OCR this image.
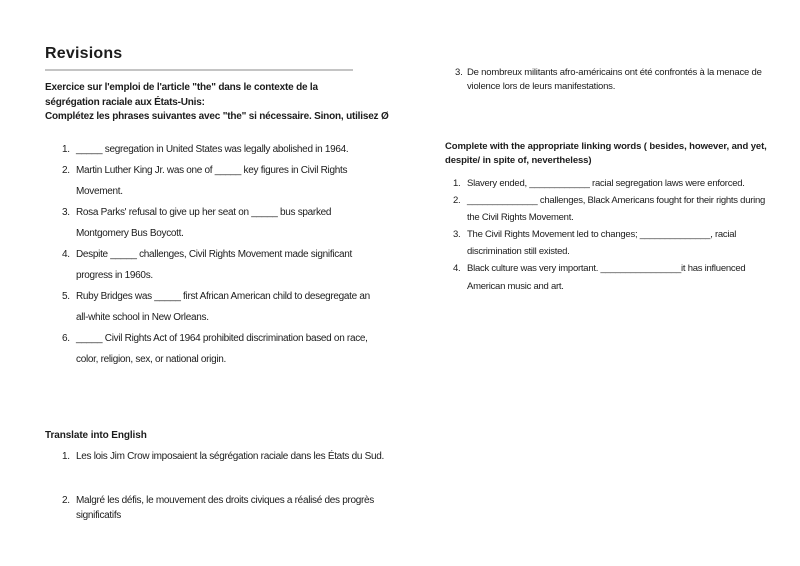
Revisions

Exercice sur l'emploi de l'article "the" dans le contexte de la ségrégation raciale aux États-Unis:

Complétez les phrases suivantes avec "the" si nécessaire. Sinon, utilisez Ø

1. _____ segregation in United States was legally abolished in 1964.
2. Martin Luther King Jr. was one of _____ key figures in Civil Rights Movement.
3. Rosa Parks' refusal to give up her seat on _____ bus sparked Montgomery Bus Boycott.
4. Despite _____ challenges, Civil Rights Movement made significant progress in 1960s.
5. Ruby Bridges was _____ first African American child to desegregate an all-white school in New Orleans.
6. _____ Civil Rights Act of 1964 prohibited discrimination based on race, color, religion, sex, or national origin.

Translate into English

1. Les lois Jim Crow imposaient la ségrégation raciale dans les États du Sud.
2. Malgré les défis, le mouvement des droits civiques a réalisé des progrès significatifs
3. De nombreux militants afro-américains ont été confrontés à la menace de violence lors de leurs manifestations.

Complete with the appropriate linking words ( besides, however, and yet, despite/ in spite of, nevertheless)

1. Slavery ended, ____________ racial segregation laws were enforced.
2. ______________ challenges, Black Americans fought for their rights during the Civil Rights Movement.
3. The Civil Rights Movement led to changes; ______________, racial discrimination still existed.
4. Black culture was very important. ________________it has influenced American music and art.
